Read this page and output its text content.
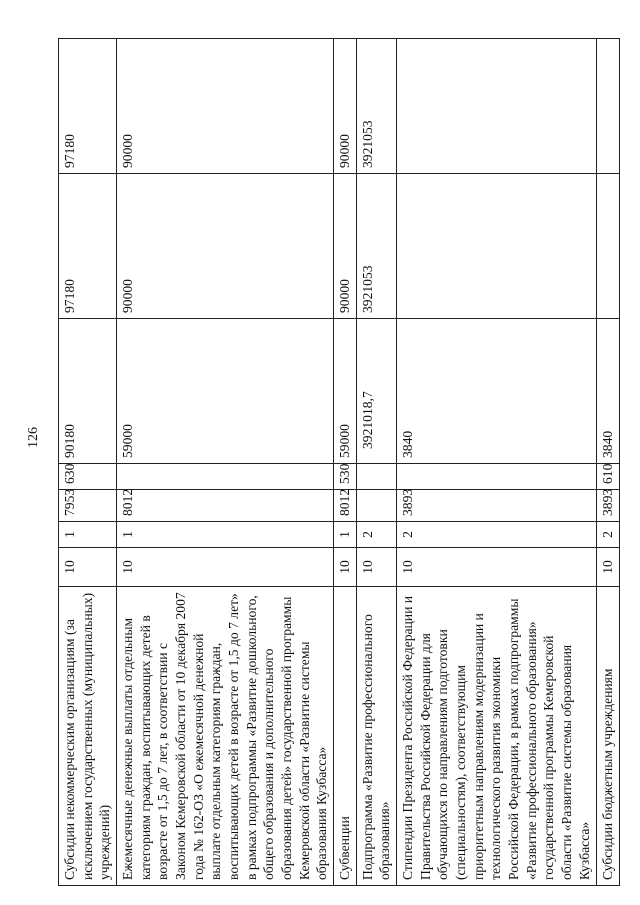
126
Субсидии некоммерческим организациям (за исключением государственных (муниципальных) учреждений)	10	1	7953	630	90180	97180	97180
Ежемесячные денежные выплаты отдельным категориям граждан, воспитывающих детей в возрасте от 1,5 до 7 лет, в соответствии с Законом Кемеровской области от 10 декабря 2007 года № 162-ОЗ «О ежемесячной денежной выплате отдельным категориям граждан, воспитывающих детей в возрасте от 1,5 до 7 лет» в рамках подпрограммы «Развитие дошкольного, общего образования и дополнительного образования детей» государственной программы Кемеровской области «Развитие системы образования Кузбасса»	10	1	8012		59000	90000	90000
Субвенции	10	1	8012	530	59000	90000	90000
Подпрограмма «Развитие профессионального образования»	10	2			3921018,7	3921053	3921053
Стипендии Президента Российской Федерации и Правительства Российской Федерации для обучающихся по направлениям подготовки (специальностям), соответствующим приоритетным направлениям модернизации и технологического развития экономики Российской Федерации, в рамках подпрограммы «Развитие профессионального образования» государственной программы Кемеровской области «Развитие системы образования Кузбасса»	10	2	3893		3840		
Субсидии бюджетным учреждениям	10	2	3893	610	3840		
